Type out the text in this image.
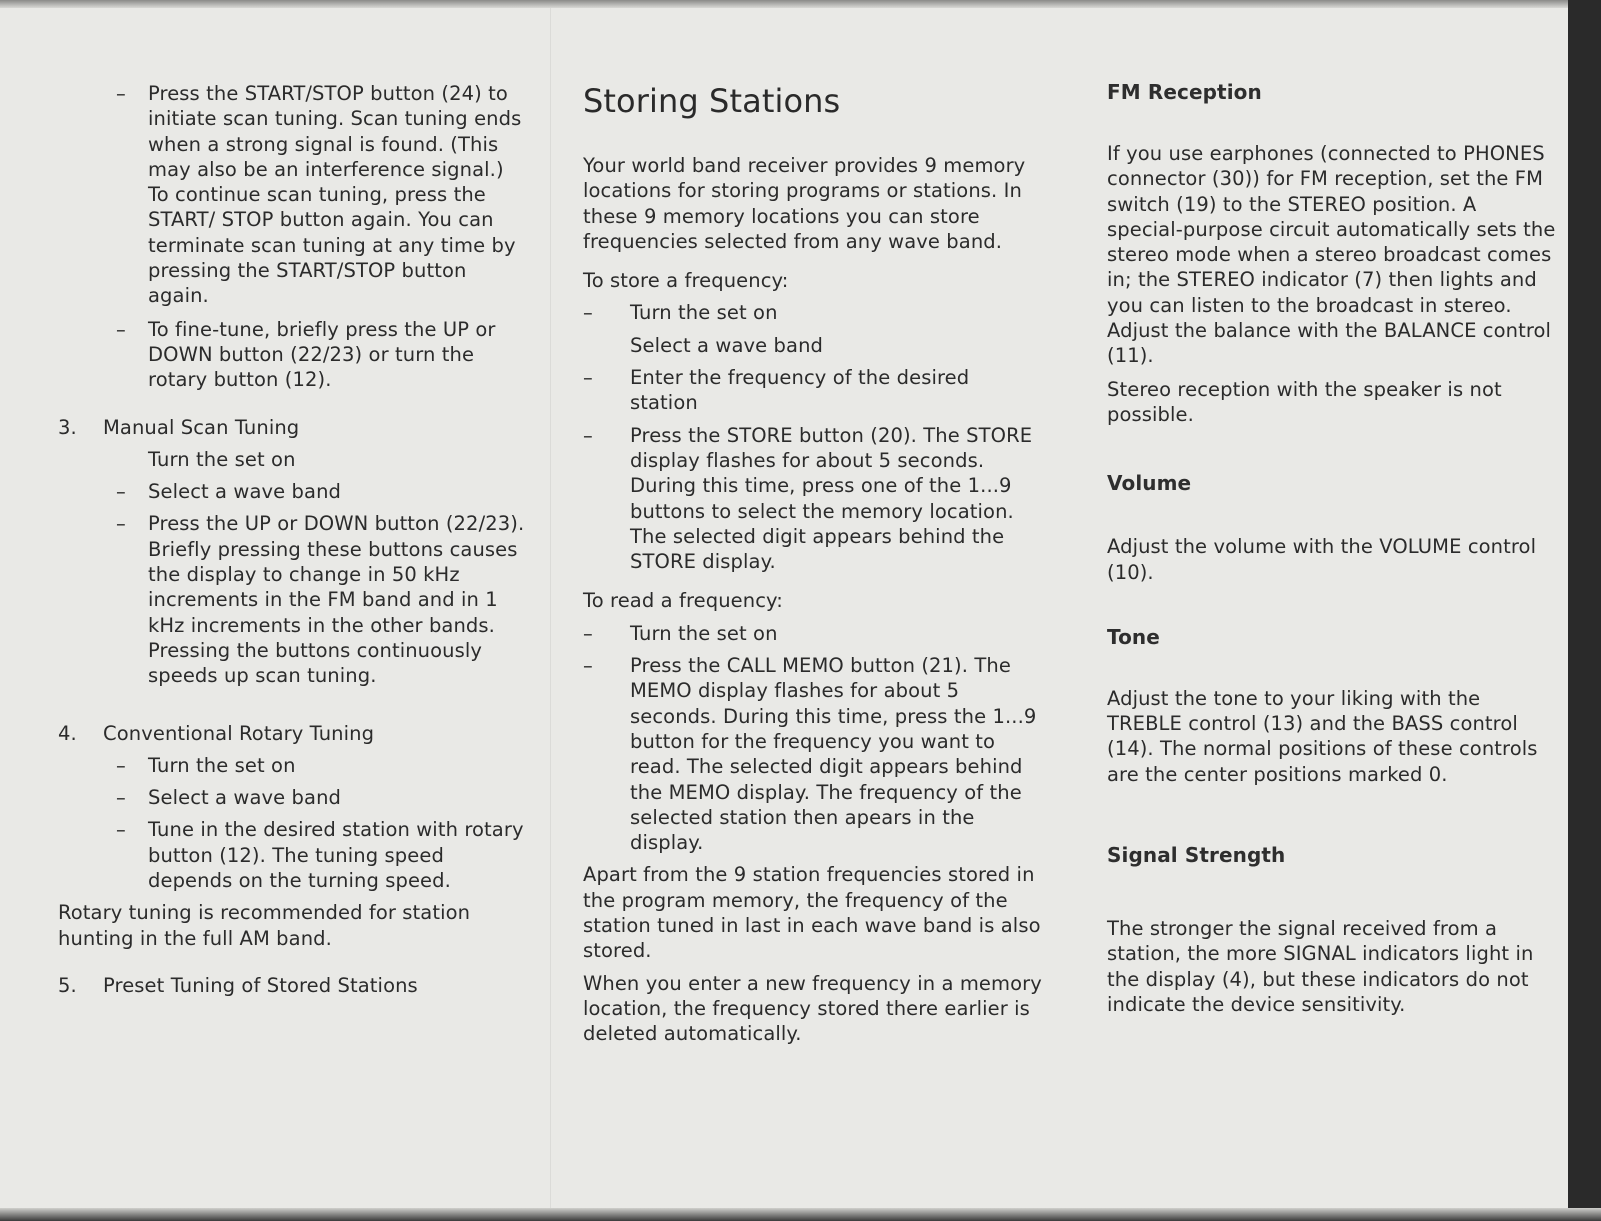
– Press the START/STOP button (24) to initiate scan tuning. Scan tuning ends when a strong signal is found. (This may also be an interference signal.) To continue scan tuning, press the START/ STOP button again. You can terminate scan tuning at any time by pressing the START/STOP button again.

– To fine-tune, briefly press the UP or DOWN button (22/23) or turn the rotary button (12).

3. Manual Scan Tuning

Turn the set on

– Select a wave band

– Press the UP or DOWN button (22/23). Briefly pressing these buttons causes the display to change in 50 kHz increments in the FM band and in 1 kHz increments in the other bands. Pressing the buttons continuously speeds up scan tuning.

4. Conventional Rotary Tuning

– Turn the set on

– Select a wave band

– Tune in the desired station with rotary button (12). The tuning speed depends on the turning speed.

Rotary tuning is recommended for station hunting in the full AM band.

5. Preset Tuning of Stored Stations

Storing Stations

Your world band receiver provides 9 memory locations for storing programs or stations. In these 9 memory locations you can store frequencies selected from any wave band.

To store a frequency:

– Turn the set on

Select a wave band

– Enter the frequency of the desired station

– Press the STORE button (20). The STORE display flashes for about 5 seconds. During this time, press one of the 1...9 buttons to select the memory location. The selected digit appears behind the STORE display.

To read a frequency:

– Turn the set on

– Press the CALL MEMO button (21). The MEMO display flashes for about 5 seconds. During this time, press the 1...9 button for the frequency you want to read. The selected digit appears behind the MEMO display. The frequency of the selected station then apears in the display.

Apart from the 9 station frequencies stored in the program memory, the frequency of the station tuned in last in each wave band is also stored.

When you enter a new frequency in a memory location, the frequency stored there earlier is deleted automatically.

FM Reception

If you use earphones (connected to PHONES connector (30)) for FM reception, set the FM switch (19) to the STEREO position. A special-purpose circuit automatically sets the stereo mode when a stereo broadcast comes in; the STEREO indicator (7) then lights and you can listen to the broadcast in stereo. Adjust the balance with the BALANCE control (11).

Stereo reception with the speaker is not possible.

Volume

Adjust the volume with the VOLUME control (10).

Tone

Adjust the tone to your liking with the TREBLE control (13) and the BASS control (14). The normal positions of these controls are the center positions marked 0.

Signal Strength

The stronger the signal received from a station, the more SIGNAL indicators light in the display (4), but these indicators do not indicate the device sensitivity.
